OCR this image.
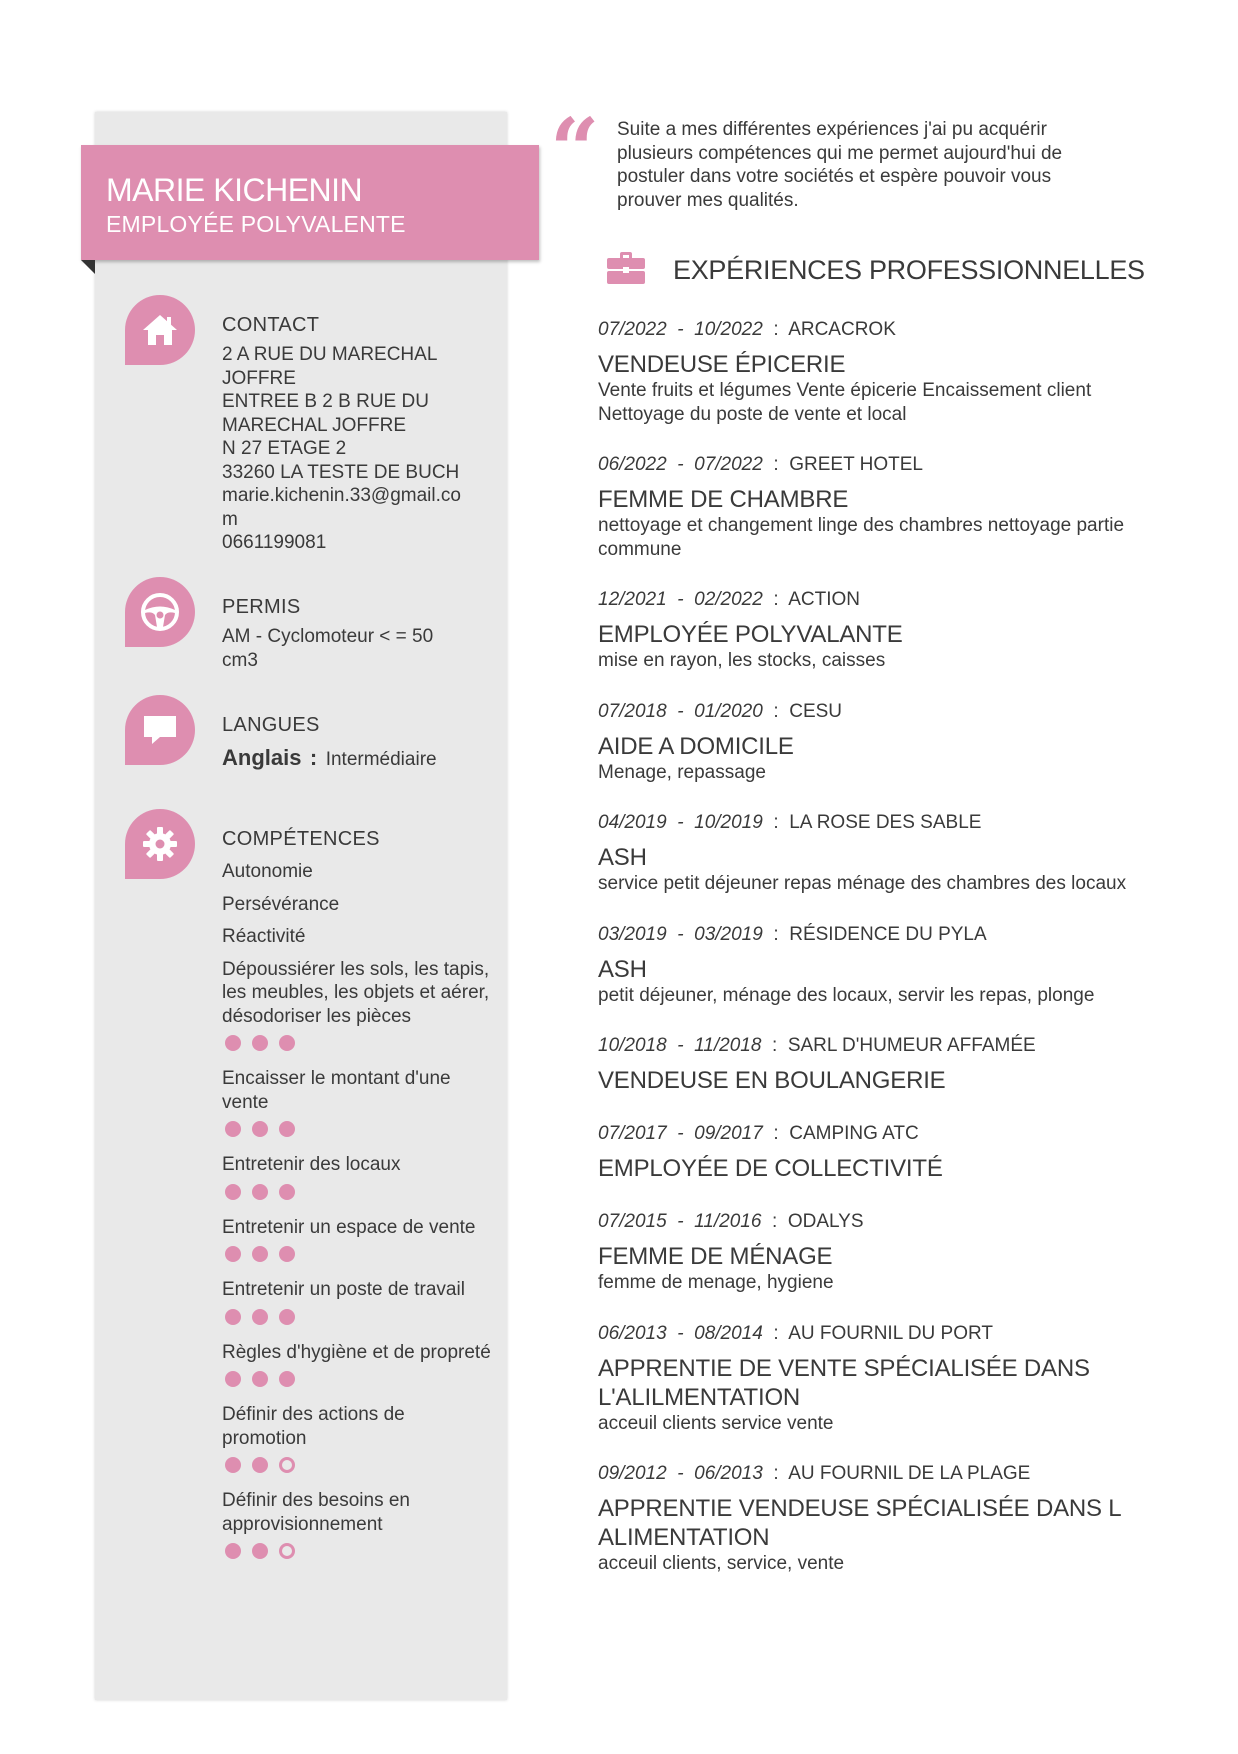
CONTACT
2 A RUE DU MARECHAL
JOFFRE
ENTREE B 2 B RUE DU
MARECHAL JOFFRE
N 27 ETAGE 2
33260 LA TESTE DE BUCH
marie.kichenin.33@gmail.co
m
0661199081
PERMIS
AM - Cyclomoteur < = 50
cm3
LANGUES
Anglais : Intermédiaire
COMPÉTENCES
Autonomie
Persévérance
Réactivité
Dépoussiérer les sols, les tapis, les meubles, les objets et aérer, désodoriser les pièces
Encaisser le montant d'une vente
Entretenir des locaux
Entretenir un espace de vente
Entretenir un poste de travail
Règles d'hygiène et de propreté
Définir des actions de promotion
Définir des besoins en approvisionnement
MARIE KICHENIN
EMPLOYÉE POLYVALENTE
“ Suite a mes différentes expériences j'ai pu acquérir plusieurs compétences qui me permet aujourd'hui de postuler dans votre sociétés et espère pouvoir vous prouver mes qualités.
EXPÉRIENCES PROFESSIONNELLES
07/2022  -  10/2022  :  ARCACROK
VENDEUSE ÉPICERIE
Vente fruits et légumes Vente épicerie Encaissement client Nettoyage du poste de vente et local
06/2022  -  07/2022  :  GREET HOTEL
FEMME DE CHAMBRE
nettoyage et changement linge des chambres nettoyage partie commune
12/2021  -  02/2022  :  ACTION
EMPLOYÉE POLYVALANTE
mise en rayon, les stocks, caisses
07/2018  -  01/2020  :  CESU
AIDE A DOMICILE
Menage, repassage
04/2019  -  10/2019  :  LA ROSE DES SABLE
ASH
service petit déjeuner repas ménage des chambres des locaux
03/2019  -  03/2019  :  RÉSIDENCE DU PYLA
ASH
petit déjeuner, ménage des locaux, servir les repas, plonge
10/2018  -  11/2018  :  SARL D'HUMEUR AFFAMÉE
VENDEUSE EN BOULANGERIE
07/2017  -  09/2017  :  CAMPING ATC
EMPLOYÉE DE COLLECTIVITÉ
07/2015  -  11/2016  :  ODALYS
FEMME DE MÉNAGE
femme de menage, hygiene
06/2013  -  08/2014  :  AU FOURNIL DU PORT
APPRENTIE DE VENTE SPÉCIALISÉE DANS L'ALILMENTATION
acceuil clients service vente
09/2012  -  06/2013  :  AU FOURNIL DE LA PLAGE
APPRENTIE VENDEUSE SPÉCIALISÉE DANS L ALIMENTATION
acceuil clients, service, vente
